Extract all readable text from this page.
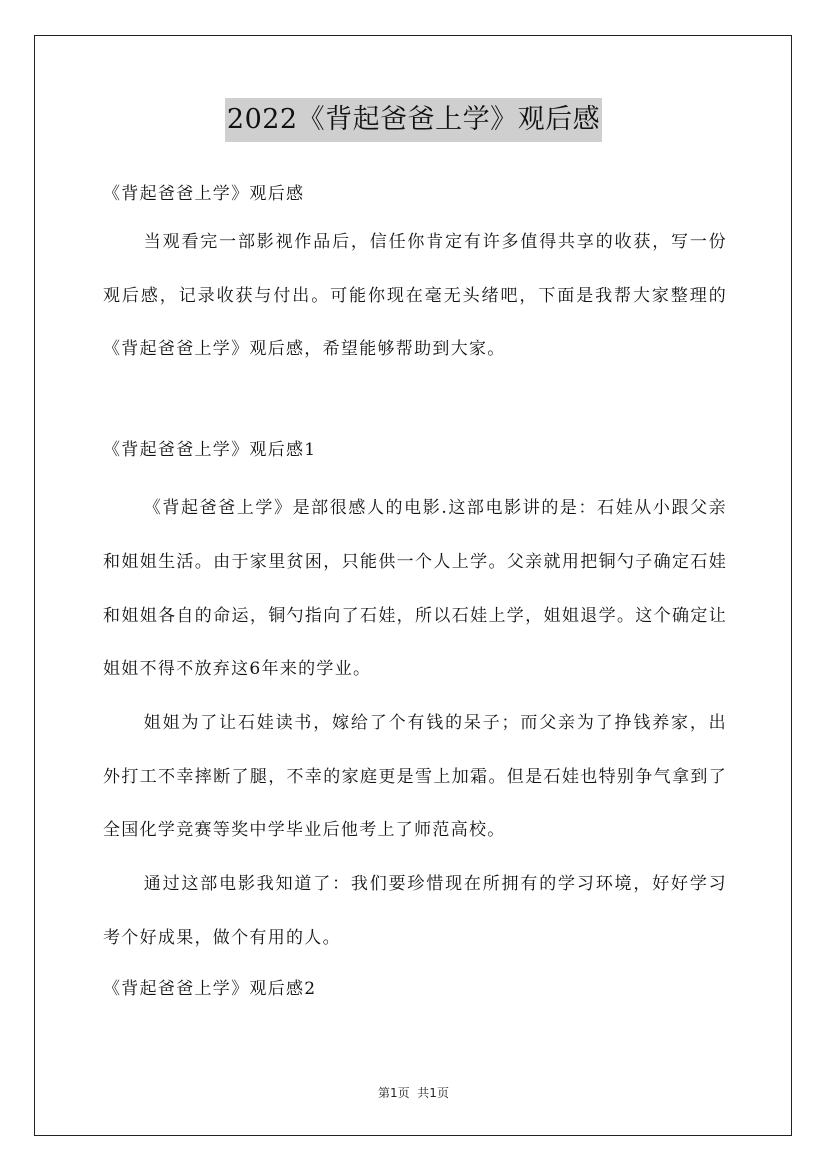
2022《背起爸爸上学》观后感
《背起爸爸上学》观后感

当观看完一部影视作品后，信任你肯定有许多值得共享的收获，写一份观后感，记录收获与付出。可能你现在毫无头绪吧，下面是我帮大家整理的《背起爸爸上学》观后感，希望能够帮助到大家。

《背起爸爸上学》观后感1

《背起爸爸上学》是部很感人的电影.这部电影讲的是：石娃从小跟父亲和姐姐生活。由于家里贫困，只能供一个人上学。父亲就用把铜勺子确定石娃和姐姐各自的命运，铜勺指向了石娃，所以石娃上学，姐姐退学。这个确定让姐姐不得不放弃这6年来的学业。

姐姐为了让石娃读书，嫁给了个有钱的呆子；而父亲为了挣钱养家，出外打工不幸摔断了腿，不幸的家庭更是雪上加霜。但是石娃也特别争气拿到了全国化学竞赛等奖中学毕业后他考上了师范高校。

通过这部电影我知道了：我们要珍惜现在所拥有的学习环境，好好学习考个好成果，做个有用的人。

《背起爸爸上学》观后感2
第1页  共1页
